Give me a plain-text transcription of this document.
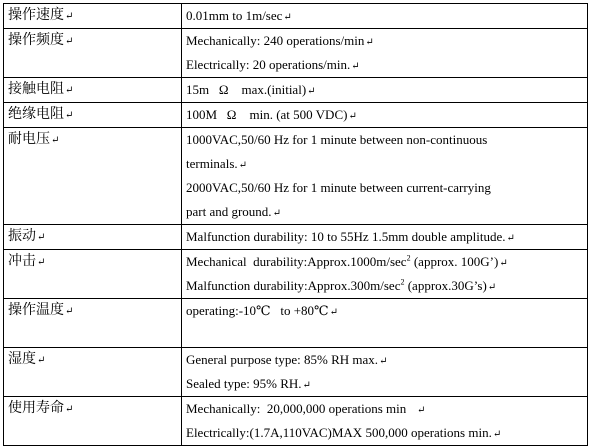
操作速度↵	0.01mm to 1m/sec↵

操作频度↵	Mechanically: 240 operations/min↵
Electrically: 20 operations/min.↵

接触电阻↵	15m   Ω    max.(initial)↵

绝缘电阻↵	100M   Ω    min. (at 500 VDC)↵

耐电压↵	1000VAC,50/60 Hz for 1 minute between non-continuous
terminals.↵
2000VAC,50/60 Hz for 1 minute between current-carrying
part and ground.↵

振动↵	Malfunction durability: 10 to 55Hz 1.5mm double amplitude.↵

冲击↵	Mechanical  $durability:Approx.1000m/\sec^2$ (approx. 100G’)↵
Malfunction $durability:Approx.300m/\sec^2$ (approx.30G’s)↵

操作温度↵	operating:-10℃   to +80℃↵

湿度↵	General purpose type: 85% RH max.↵
Sealed type: 95% RH.↵

使用寿命↵	Mechanically:  20,000,000 operations min   ↵
Electrically:(1.7A,110VAC)MAX 500,000 operations min.↵
